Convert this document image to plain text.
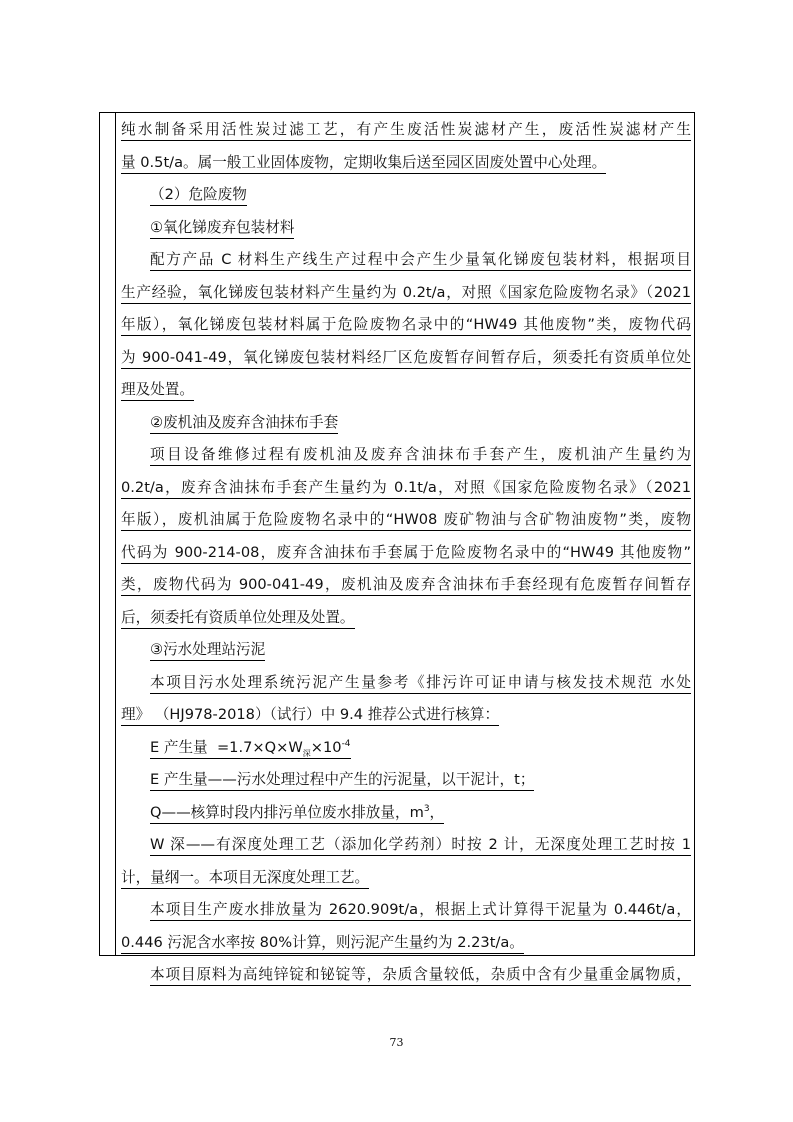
纯水制备采用活性炭过滤工艺，有产生废活性炭滤材产生，废活性炭滤材产生
量 0.5t/a。属一般工业固体废物，定期收集后送至园区固废处置中心处理。
（2）危险废物
①氧化锑废弃包装材料
配方产品 C 材料生产线生产过程中会产生少量氧化锑废包装材料，根据项目
生产经验，氧化锑废包装材料产生量约为 0.2t/a，对照《国家危险废物名录》（2021
年版），氧化锑废包装材料属于危险废物名录中的“HW49 其他废物”类，废物代码
为 900-041-49，氧化锑废包装材料经厂区危废暂存间暂存后，须委托有资质单位处
理及处置。
②废机油及废弃含油抹布手套
项目设备维修过程有废机油及废弃含油抹布手套产生，废机油产生量约为
0.2t/a，废弃含油抹布手套产生量约为 0.1t/a，对照《国家危险废物名录》（2021
年版），废机油属于危险废物名录中的“HW08 废矿物油与含矿物油废物”类，废物
代码为 900-214-08，废弃含油抹布手套属于危险废物名录中的“HW49 其他废物”
类，废物代码为 900-041-49，废机油及废弃含油抹布手套经现有危废暂存间暂存
后，须委托有资质单位处理及处置。
③污水处理站污泥
本项目污水处理系统污泥产生量参考《排污许可证申请与核发技术规范 水处
理》 （HJ978-2018）（试行）中 9.4 推荐公式进行核算：
E 产生量 $=1.7\times Q\times W_深\times 10^{-4}$
E 产生量——污水处理过程中产生的污泥量，以干泥计，t；
Q——核算时段内排污单位废水排放量，$m^3$，
W 深——有深度处理工艺（添加化学药剂）时按 2 计，无深度处理工艺时按 1
计，量纲一。本项目无深度处理工艺。
本项目生产废水排放量为 2620.909t/a，根据上式计算得干泥量为 0.446t/a，
0.446 污泥含水率按 80%计算，则污泥产生量约为 2.23t/a。
本项目原料为高纯锌锭和铋锭等，杂质含量较低，杂质中含有少量重金属物质，
73
